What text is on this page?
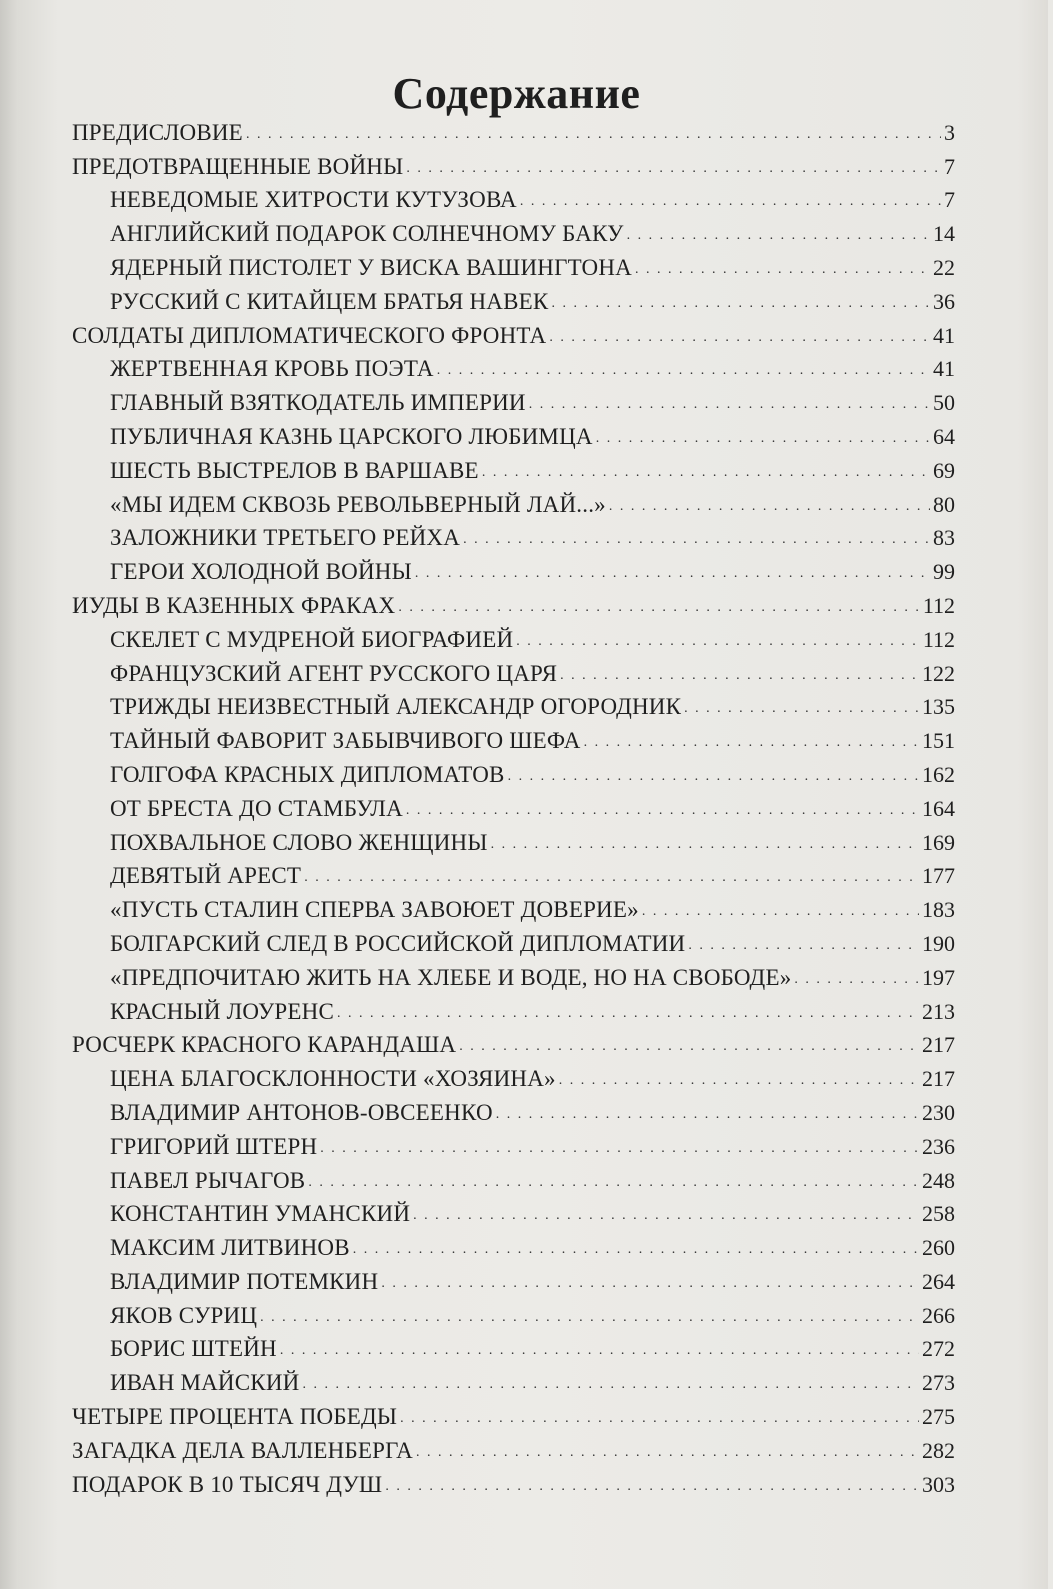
Содержание
ПРЕДИСЛОВИЕ . . .	3
ПРЕДОТВРАЩЕННЫЕ ВОЙНЫ . . .	7
НЕВЕДОМЫЕ ХИТРОСТИ КУТУЗОВА . . .	7
АНГЛИЙСКИЙ ПОДАРОК СОЛНЕЧНОМУ БАКУ . . .	14
ЯДЕРНЫЙ ПИСТОЛЕТ У ВИСКА ВАШИНГТОНА . . .	22
РУССКИЙ С КИТАЙЦЕМ БРАТЬЯ НАВЕК . . .	36
СОЛДАТЫ ДИПЛОМАТИЧЕСКОГО ФРОНТА . . .	41
ЖЕРТВЕННАЯ КРОВЬ ПОЭТА . . .	41
ГЛАВНЫЙ ВЗЯТКОДАТЕЛЬ ИМПЕРИИ . . .	50
ПУБЛИЧНАЯ КАЗНЬ ЦАРСКОГО ЛЮБИМЦА . . .	64
ШЕСТЬ ВЫСТРЕЛОВ В ВАРШАВЕ . . .	69
«МЫ ИДЕМ СКВОЗЬ РЕВОЛЬВЕРНЫЙ ЛАЙ...» . . .	80
ЗАЛОЖНИКИ ТРЕТЬЕГО РЕЙХА . . .	83
ГЕРОИ ХОЛОДНОЙ ВОЙНЫ . . .	99
ИУДЫ В КАЗЕННЫХ ФРАКАХ . . .	112
СКЕЛЕТ С МУДРЕНОЙ БИОГРАФИЕЙ . . .	112
ФРАНЦУЗСКИЙ АГЕНТ РУССКОГО ЦАРЯ . . .	122
ТРИЖДЫ НЕИЗВЕСТНЫЙ АЛЕКСАНДР ОГОРОДНИК . . .	135
ТАЙНЫЙ ФАВОРИТ ЗАБЫВЧИВОГО ШЕФА . . .	151
ГОЛГОФА КРАСНЫХ ДИПЛОМАТОВ . . .	162
ОТ БРЕСТА ДО СТАМБУЛА . . .	164
ПОХВАЛЬНОЕ СЛОВО ЖЕНЩИНЫ . . .	169
ДЕВЯТЫЙ АРЕСТ . . .	177
«ПУСТЬ СТАЛИН СПЕРВА ЗАВОЮЕТ ДОВЕРИЕ» . . .	183
БОЛГАРСКИЙ СЛЕД В РОССИЙСКОЙ ДИПЛОМАТИИ . . .	190
«ПРЕДПОЧИТАЮ ЖИТЬ НА ХЛЕБЕ И ВОДЕ, НО НА СВОБОДЕ» . . .	197
КРАСНЫЙ ЛОУРЕНС . . .	213
РОСЧЕРК КРАСНОГО КАРАНДАША . . .	217
ЦЕНА БЛАГОСКЛОННОСТИ «ХОЗЯИНА» . . .	217
ВЛАДИМИР АНТОНОВ-ОВСЕЕНКО . . .	230
ГРИГОРИЙ ШТЕРН . . .	236
ПАВЕЛ РЫЧАГОВ . . .	248
КОНСТАНТИН УМАНСКИЙ . . .	258
МАКСИМ ЛИТВИНОВ . . .	260
ВЛАДИМИР ПОТЕМКИН . . .	264
ЯКОВ СУРИЦ . . .	266
БОРИС ШТЕЙН . . .	272
ИВАН МАЙСКИЙ . . .	273
ЧЕТЫРЕ ПРОЦЕНТА ПОБЕДЫ . . .	275
ЗАГАДКА ДЕЛА ВАЛЛЕНБЕРГА . . .	282
ПОДАРОК В 10 ТЫСЯЧ ДУШ . . .	303
